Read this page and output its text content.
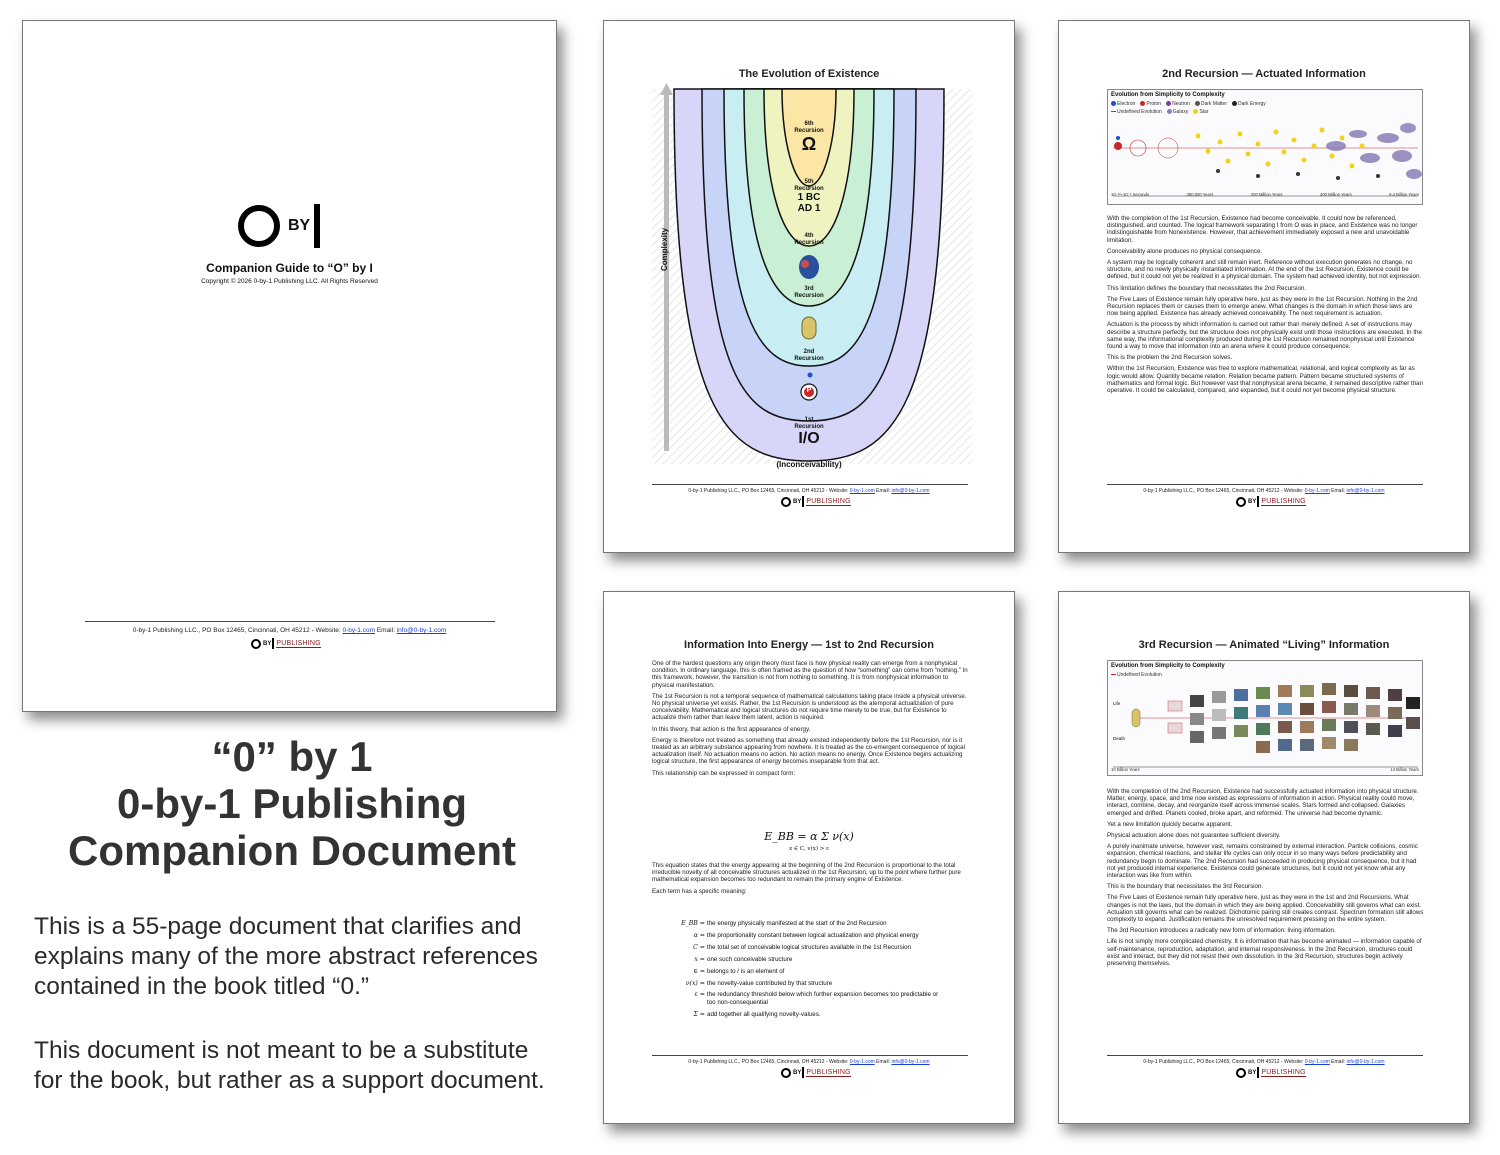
BY
Companion Guide to “O” by I
Copyright © 2026 0-by-1 Publishing LLC. All Rights Reserved
0-by-1 Publishing LLC., PO Box 12465, Cincinnati, OH 45212 - Website: 0-by-1.com Email: info@0-by-1.com
BY PUBLISHING
The Evolution of Existence
Complexity
6th
Recursion
Ω
5th
Recursion
1 BC
AD 1
4th
Recursion
3rd
Recursion
2nd
Recursion
P
1st
Recursion
I/O
(Inconceivability)
0-by-1 Publishing LLC., PO Box 12465, Cincinnati, OH 45212 - Website: 0-by-1.com Email: info@0-by-1.com
BY PUBLISHING
2nd Recursion — Actuated Information
Evolution from Simplicity to Complexity
Electron	Proton	Neutron	Dark Matter	Dark Energy
Undefined Evolution	Galaxy	Star
10⁻³²–10⁻⁶ Seconds	380,000 Years	200 Million Years	400 Million Years	9.4 Billion Years

With the completion of the 1st Recursion, Existence had become conceivable. It could now be referenced, distinguished, and counted. The logical framework separating I from O was in place, and Existence was no longer indistinguishable from Nonexistence. However, that achievement immediately exposed a new and unavoidable limitation.

Conceivability alone produces no physical consequence.

A system may be logically coherent and still remain inert. Reference without execution generates no change, no structure, and no newly physically instantiated information. At the end of the 1st Recursion, Existence could be defined, but it could not yet be realized in a physical domain. The system had achieved identity, but not expression.

This limitation defines the boundary that necessitates the 2nd Recursion.

The Five Laws of Existence remain fully operative here, just as they were in the 1st Recursion. Nothing in the 2nd Recursion replaces them or causes them to emerge anew. What changes is the domain in which those laws are now being applied. Existence has already achieved conceivability. The next requirement is actuation.

Actuation is the process by which information is carried out rather than merely defined. A set of instructions may describe a structure perfectly, but the structure does not physically exist until those instructions are executed. In the same way, the informational complexity produced during the 1st Recursion remained nonphysical until Existence found a way to move that information into an arena where it could produce consequence.

This is the problem the 2nd Recursion solves.

Within the 1st Recursion, Existence was free to explore mathematical, relational, and logical complexity as far as logic would allow. Quantity became relation. Relation became pattern. Pattern became structured systems of mathematics and formal logic. But however vast that nonphysical arena became, it remained descriptive rather than operative. It could be calculated, compared, and expanded, but it could not yet become physical structure.

0-by-1 Publishing LLC., PO Box 12465, Cincinnati, OH 45212 - Website: 0-by-1.com Email: info@0-by-1.com
BY PUBLISHING
Information Into Energy — 1st to 2nd Recursion

One of the hardest questions any origin theory must face is how physical reality can emerge from a nonphysical condition. In ordinary language, this is often framed as the question of how “something” can come from “nothing.” In this framework, however, the transition is not from nothing to something. It is from nonphysical information to physical manifestation.

The 1st Recursion is not a temporal sequence of mathematical calculations taking place inside a physical universe. No physical universe yet exists. Rather, the 1st Recursion is understood as the atemporal actualization of pure conceivability. Mathematical and logical structures do not require time merely to be true, but for Existence to actualize them rather than leave them latent, action is required.

In this theory, that action is the first appearance of energy.

Energy is therefore not treated as something that already existed independently before the 1st Recursion, nor is it treated as an arbitrary substance appearing from nowhere. It is treated as the co-emergent consequence of logical actualization itself. No actuation means no action. No action means no energy. Once Existence begins actualizing logical structure, the first appearance of energy becomes inseparable from that act.

This relationship can be expressed in compact form:

E_BB = α Σ ν(x)
x ∈ C, ν(x) > ε

This equation states that the energy appearing at the beginning of the 2nd Recursion is proportional to the total irreducible novelty of all conceivable structures actualized in the 1st Recursion, up to the point where further pure mathematical expansion becomes too redundant to remain the primary engine of Existence.

Each term has a specific meaning:

E_BB = the energy physically manifested at the start of the 2nd Recursion
α = the proportionality constant between logical actualization and physical energy
C = the total set of conceivable logical structures available in the 1st Recursion
x = one such conceivable structure
∈ = belongs to / is an element of
ν(x) = the novelty-value contributed by that structure
ε = the redundancy threshold below which further expansion becomes too predictable or too non-consequential
Σ = add together all qualifying novelty-values.
0-by-1 Publishing LLC., PO Box 12465, Cincinnati, OH 45212 - Website: 0-by-1.com Email: info@0-by-1.com
BY PUBLISHING
3rd Recursion — Animated “Living” Information
Evolution from Simplicity to Complexity
Undefined Evolution
Life
Death
10 Billion Years	14 Billion Years

With the completion of the 2nd Recursion, Existence had successfully actuated information into physical structure. Matter, energy, space, and time now existed as expressions of information in action. Physical reality could move, interact, combine, decay, and reorganize itself across immense scales. Stars formed and collapsed. Galaxies emerged and drifted. Planets cooled, broke apart, and reformed. The universe had become dynamic.

Yet a new limitation quickly became apparent.

Physical actuation alone does not guarantee sufficient diversity.

A purely inanimate universe, however vast, remains constrained by external interaction. Particle collisions, cosmic expansion, chemical reactions, and stellar life cycles can only occur in so many ways before predictability and redundancy begin to dominate. The 2nd Recursion had succeeded in producing physical consequence, but it had not yet produced internal experience. Existence could generate structures, but it could not yet know what any interaction was like from within.

This is the boundary that necessitates the 3rd Recursion.

The Five Laws of Existence remain fully operative here, just as they were in the 1st and 2nd Recursions. What changes is not the laws, but the domain in which they are being applied. Conceivability still governs what can exist. Actuation still governs what can be realized. Dichotomic pairing still creates contrast. Spectrum formation still allows complexity to expand. Justification remains the unresolved requirement pressing on the entire system.

The 3rd Recursion introduces a radically new form of information: living information.

Life is not simply more complicated chemistry. It is information that has become animated — information capable of self-maintenance, reproduction, adaptation, and internal responsiveness. In the 2nd Recursion, structures could exist and interact, but they did not resist their own dissolution. In the 3rd Recursion, structures begin actively preserving themselves.

0-by-1 Publishing LLC., PO Box 12465, Cincinnati, OH 45212 - Website: 0-by-1.com Email: info@0-by-1.com
BY PUBLISHING
“0” by 1
0-by-1 Publishing
Companion Document
This is a 55-page document that clarifies and explains many of the more abstract references contained in the book titled “0.”
This document is not meant to be a substitute for the book, but rather as a support document.
